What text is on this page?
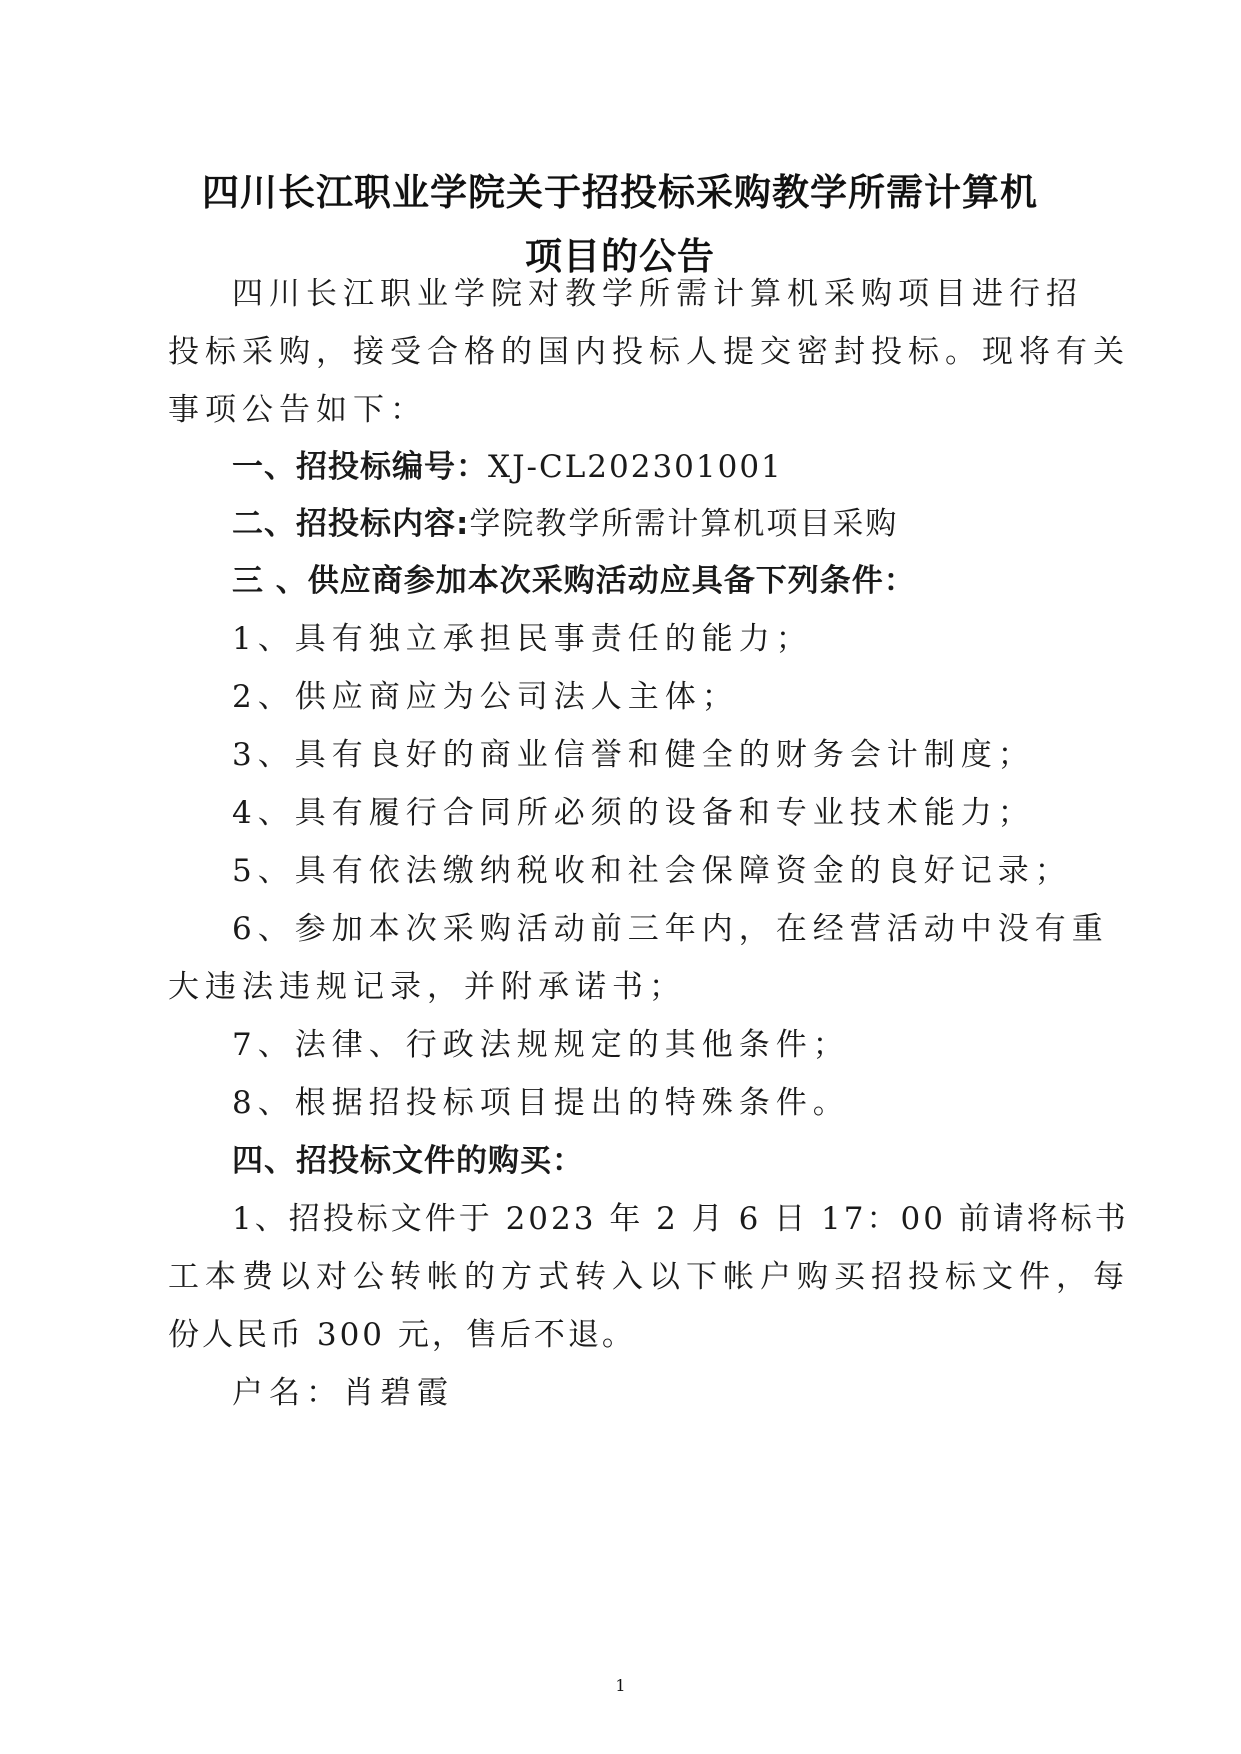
四川长江职业学院关于招投标采购教学所需计算机
项目的公告
四川长江职业学院对教学所需计算机采购项目进行招
投标采购，接受合格的国内投标人提交密封投标。现将有关
事项公告如下：
一、招投标编号：XJ-CL202301001
二、招投标内容:学院教学所需计算机项目采购
三 、供应商参加本次采购活动应具备下列条件：
1、具有独立承担民事责任的能力；
2、供应商应为公司法人主体；
3、具有良好的商业信誉和健全的财务会计制度；
4、具有履行合同所必须的设备和专业技术能力；
5、具有依法缴纳税收和社会保障资金的良好记录；
6、参加本次采购活动前三年内，在经营活动中没有重
大违法违规记录，并附承诺书；
7、法律、行政法规规定的其他条件；
8、根据招投标项目提出的特殊条件。
四、招投标文件的购买：
1、招投标文件于 2023 年 2 月 6 日 17：00 前请将标书
工本费以对公转帐的方式转入以下帐户购买招投标文件，每
份人民币 300 元，售后不退。
户名：肖碧霞
1
